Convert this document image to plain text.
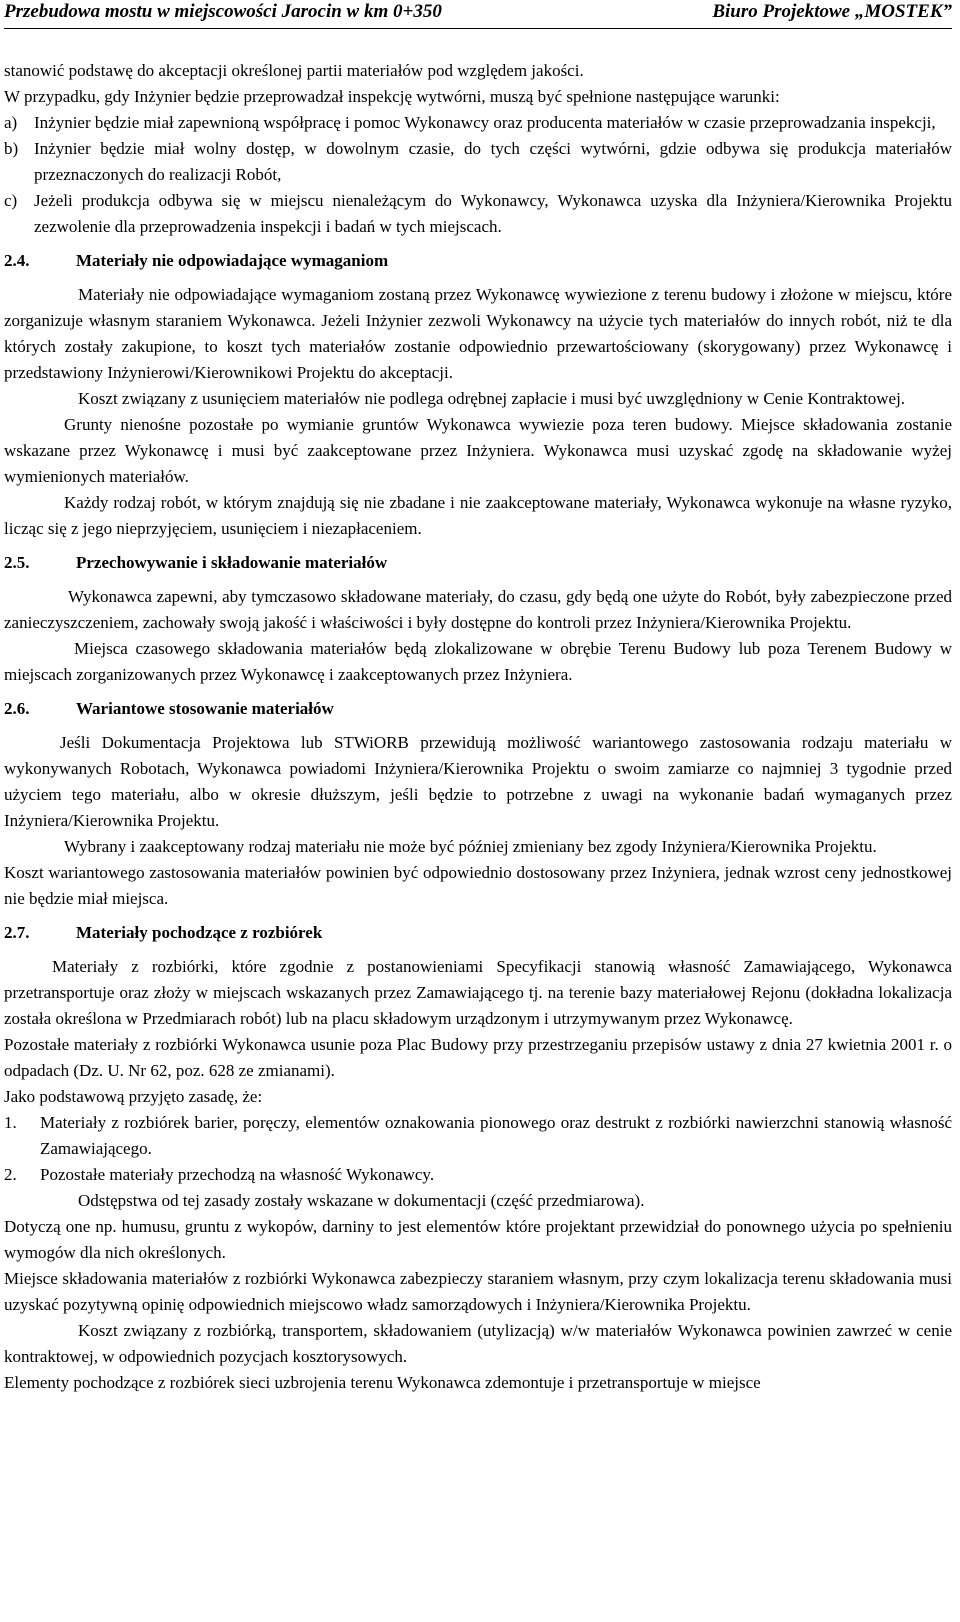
Przebudowa mostu w miejscowości Jarocin w km 0+350	Biuro Projektowe „MOSTEK”

stanowić podstawę do akceptacji określonej partii materiałów pod względem jakości.

W przypadku, gdy Inżynier będzie przeprowadzał inspekcję wytwórni, muszą być spełnione następujące warunki:

a) Inżynier będzie miał zapewnioną współpracę i pomoc Wykonawcy oraz producenta materiałów w czasie przeprowadzania inspekcji,

b) Inżynier będzie miał wolny dostęp, w dowolnym czasie, do tych części wytwórni, gdzie odbywa się produkcja materiałów przeznaczonych do realizacji Robót,

c) Jeżeli produkcja odbywa się w miejscu nienależącym do Wykonawcy, Wykonawca uzyska dla Inżyniera/Kierownika Projektu zezwolenie dla przeprowadzenia inspekcji i badań w tych miejscach.

2.4.	Materiały nie odpowiadające wymaganiom

Materiały nie odpowiadające wymaganiom zostaną przez Wykonawcę wywiezione z terenu budowy i złożone w miejscu, które zorganizuje własnym staraniem Wykonawca. Jeżeli Inżynier zezwoli Wykonawcy na użycie tych materiałów do innych robót, niż te dla których zostały zakupione, to koszt tych materiałów zostanie odpowiednio przewartościowany (skorygowany) przez Wykonawcę i przedstawiony Inżynierowi/Kierownikowi Projektu do akceptacji.

Koszt związany z usunięciem materiałów nie podlega odrębnej zapłacie i musi być uwzględniony w Cenie Kontraktowej.

Grunty nienośne pozostałe po wymianie gruntów Wykonawca wywiezie poza teren budowy. Miejsce składowania zostanie wskazane przez Wykonawcę i musi być zaakceptowane przez Inżyniera. Wykonawca musi uzyskać zgodę na składowanie wyżej wymienionych materiałów.

Każdy rodzaj robót, w którym znajdują się nie zbadane i nie zaakceptowane materiały, Wykonawca wykonuje na własne ryzyko, licząc się z jego nieprzyjęciem, usunięciem i niezapłaceniem.

2.5.	Przechowywanie i składowanie materiałów

Wykonawca zapewni, aby tymczasowo składowane materiały, do czasu, gdy będą one użyte do Robót, były zabezpieczone przed zanieczyszczeniem, zachowały swoją jakość i właściwości i były dostępne do kontroli przez Inżyniera/Kierownika Projektu.

Miejsca czasowego składowania materiałów będą zlokalizowane w obrębie Terenu Budowy lub poza Terenem Budowy w miejscach zorganizowanych przez Wykonawcę i zaakceptowanych przez Inżyniera.

2.6.	Wariantowe stosowanie materiałów

Jeśli Dokumentacja Projektowa lub STWiORB przewidują możliwość wariantowego zastosowania rodzaju materiału w wykonywanych Robotach, Wykonawca powiadomi Inżyniera/Kierownika Projektu o swoim zamiarze co najmniej 3 tygodnie przed użyciem tego materiału, albo w okresie dłuższym, jeśli będzie to potrzebne z uwagi na wykonanie badań wymaganych przez Inżyniera/Kierownika Projektu.

Wybrany i zaakceptowany rodzaj materiału nie może być później zmieniany bez zgody Inżyniera/Kierownika Projektu.

Koszt wariantowego zastosowania materiałów powinien być odpowiednio dostosowany przez Inżyniera, jednak wzrost ceny jednostkowej nie będzie miał miejsca.

2.7.	Materiały pochodzące z rozbiórek

Materiały z rozbiórki, które zgodnie z postanowieniami Specyfikacji stanowią własność Zamawiającego, Wykonawca przetransportuje oraz złoży w miejscach wskazanych przez Zamawiającego tj. na terenie bazy materiałowej Rejonu (dokładna lokalizacja została określona w Przedmiarach robót) lub na placu składowym urządzonym i utrzymywanym przez Wykonawcę.

Pozostałe materiały z rozbiórki Wykonawca usunie poza Plac Budowy przy przestrzeganiu przepisów ustawy z dnia 27 kwietnia 2001 r. o odpadach (Dz. U. Nr 62, poz. 628 ze zmianami).

Jako podstawową przyjęto zasadę, że:

1. Materiały z rozbiórek barier, poręczy, elementów oznakowania pionowego oraz destrukt z rozbiórki nawierzchni stanowią własność Zamawiającego.

2. Pozostałe materiały przechodzą na własność Wykonawcy.

Odstępstwa od tej zasady zostały wskazane w dokumentacji (część przedmiarowa).

Dotyczą one np. humusu, gruntu z wykopów, darniny to jest elementów które projektant przewidział do ponownego użycia po spełnieniu wymogów dla nich określonych.

Miejsce składowania materiałów z rozbiórki Wykonawca zabezpieczy staraniem własnym, przy czym lokalizacja terenu składowania musi uzyskać pozytywną opinię odpowiednich miejscowo władz samorządowych i Inżyniera/Kierownika Projektu.

Koszt związany z rozbiórką, transportem, składowaniem (utylizacją) w/w materiałów Wykonawca powinien zawrzeć w cenie kontraktowej, w odpowiednich pozycjach kosztorysowych.

Elementy pochodzące z rozbiórek sieci uzbrojenia terenu Wykonawca zdemontuje i przetransportuje w miejsce
